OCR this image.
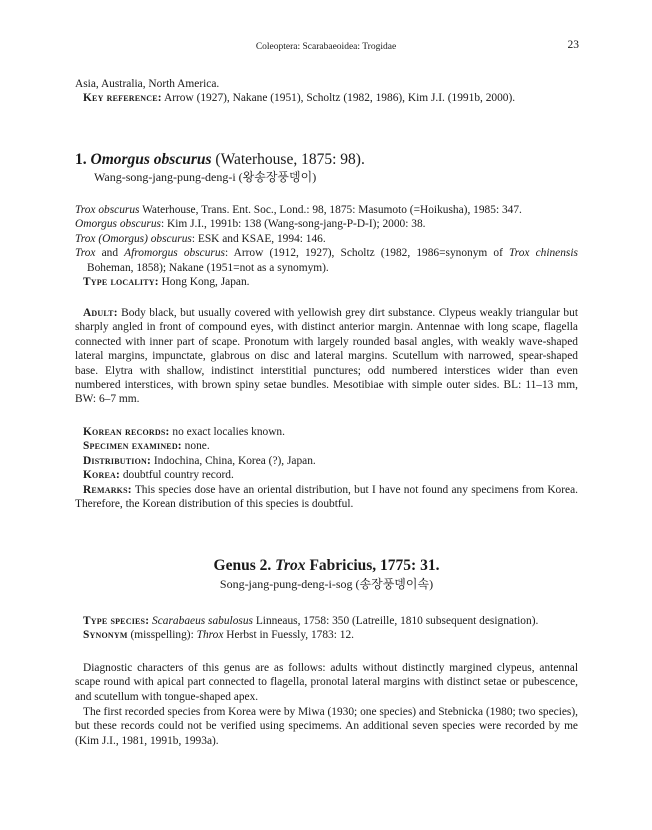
Coleoptera: Scarabaeoidea: Trogidae	23

Asia, Australia, North America.

Key reference: Arrow (1927), Nakane (1951), Scholtz (1982, 1986), Kim J.I. (1991b, 2000).

1. Omorgus obscurus (Waterhouse, 1875: 98).
Wang-song-jang-pung-deng-i (왕송장풍뎅이)

Trox obscurus Waterhouse, Trans. Ent. Soc., Lond.: 98, 1875: Masumoto (=Hoikusha), 1985: 347.

Omorgus obscurus: Kim J.I., 1991b: 138 (Wang-song-jang-P-D-I); 2000: 38.

Trox (Omorgus) obscurus: ESK and KSAE, 1994: 146.

Trox and Afromorgus obscurus: Arrow (1912, 1927), Scholtz (1982, 1986=synonym of Trox chinensis Boheman, 1858); Nakane (1951=not as a synomym).

Type locality: Hong Kong, Japan.

Adult: Body black, but usually covered with yellowish grey dirt substance. Clypeus weakly triangular but sharply angled in front of compound eyes, with distinct anterior margin. Antennae with long scape, flagella connected with inner part of scape. Pronotum with largely rounded basal angles, with weakly wave-shaped lateral margins, impunctate, glabrous on disc and lateral margins. Scutellum with narrowed, spear-shaped base. Elytra with shallow, indistinct interstitial punctures; odd numbered interstices wider than even numbered interstices, with brown spiny setae bundles. Mesotibiae with simple outer sides. BL: 11–13 mm, BW: 6–7 mm.

Korean records: no exact localies known.

Specimen examined: none.

Distribution: Indochina, China, Korea (?), Japan.

Korea: doubtful country record.

Remarks: This species dose have an oriental distribution, but I have not found any specimens from Korea. Therefore, the Korean distribution of this species is doubtful.

Genus 2. Trox Fabricius, 1775: 31.
Song-jang-pung-deng-i-sog (송장풍뎅이속)

Type species: Scarabaeus sabulosus Linneaus, 1758: 350 (Latreille, 1810 subsequent designation).

Synonym (misspelling): Throx Herbst in Fuessly, 1783: 12.

Diagnostic characters of this genus are as follows: adults without distinctly margined clypeus, antennal scape round with apical part connected to flagella, pronotal lateral margins with distinct setae or pubescence, and scutellum with tongue-shaped apex.
The first recorded species from Korea were by Miwa (1930; one species) and Stebnicka (1980; two species), but these records could not be verified using specimems. An additional seven species were recorded by me (Kim J.I., 1981, 1991b, 1993a).
